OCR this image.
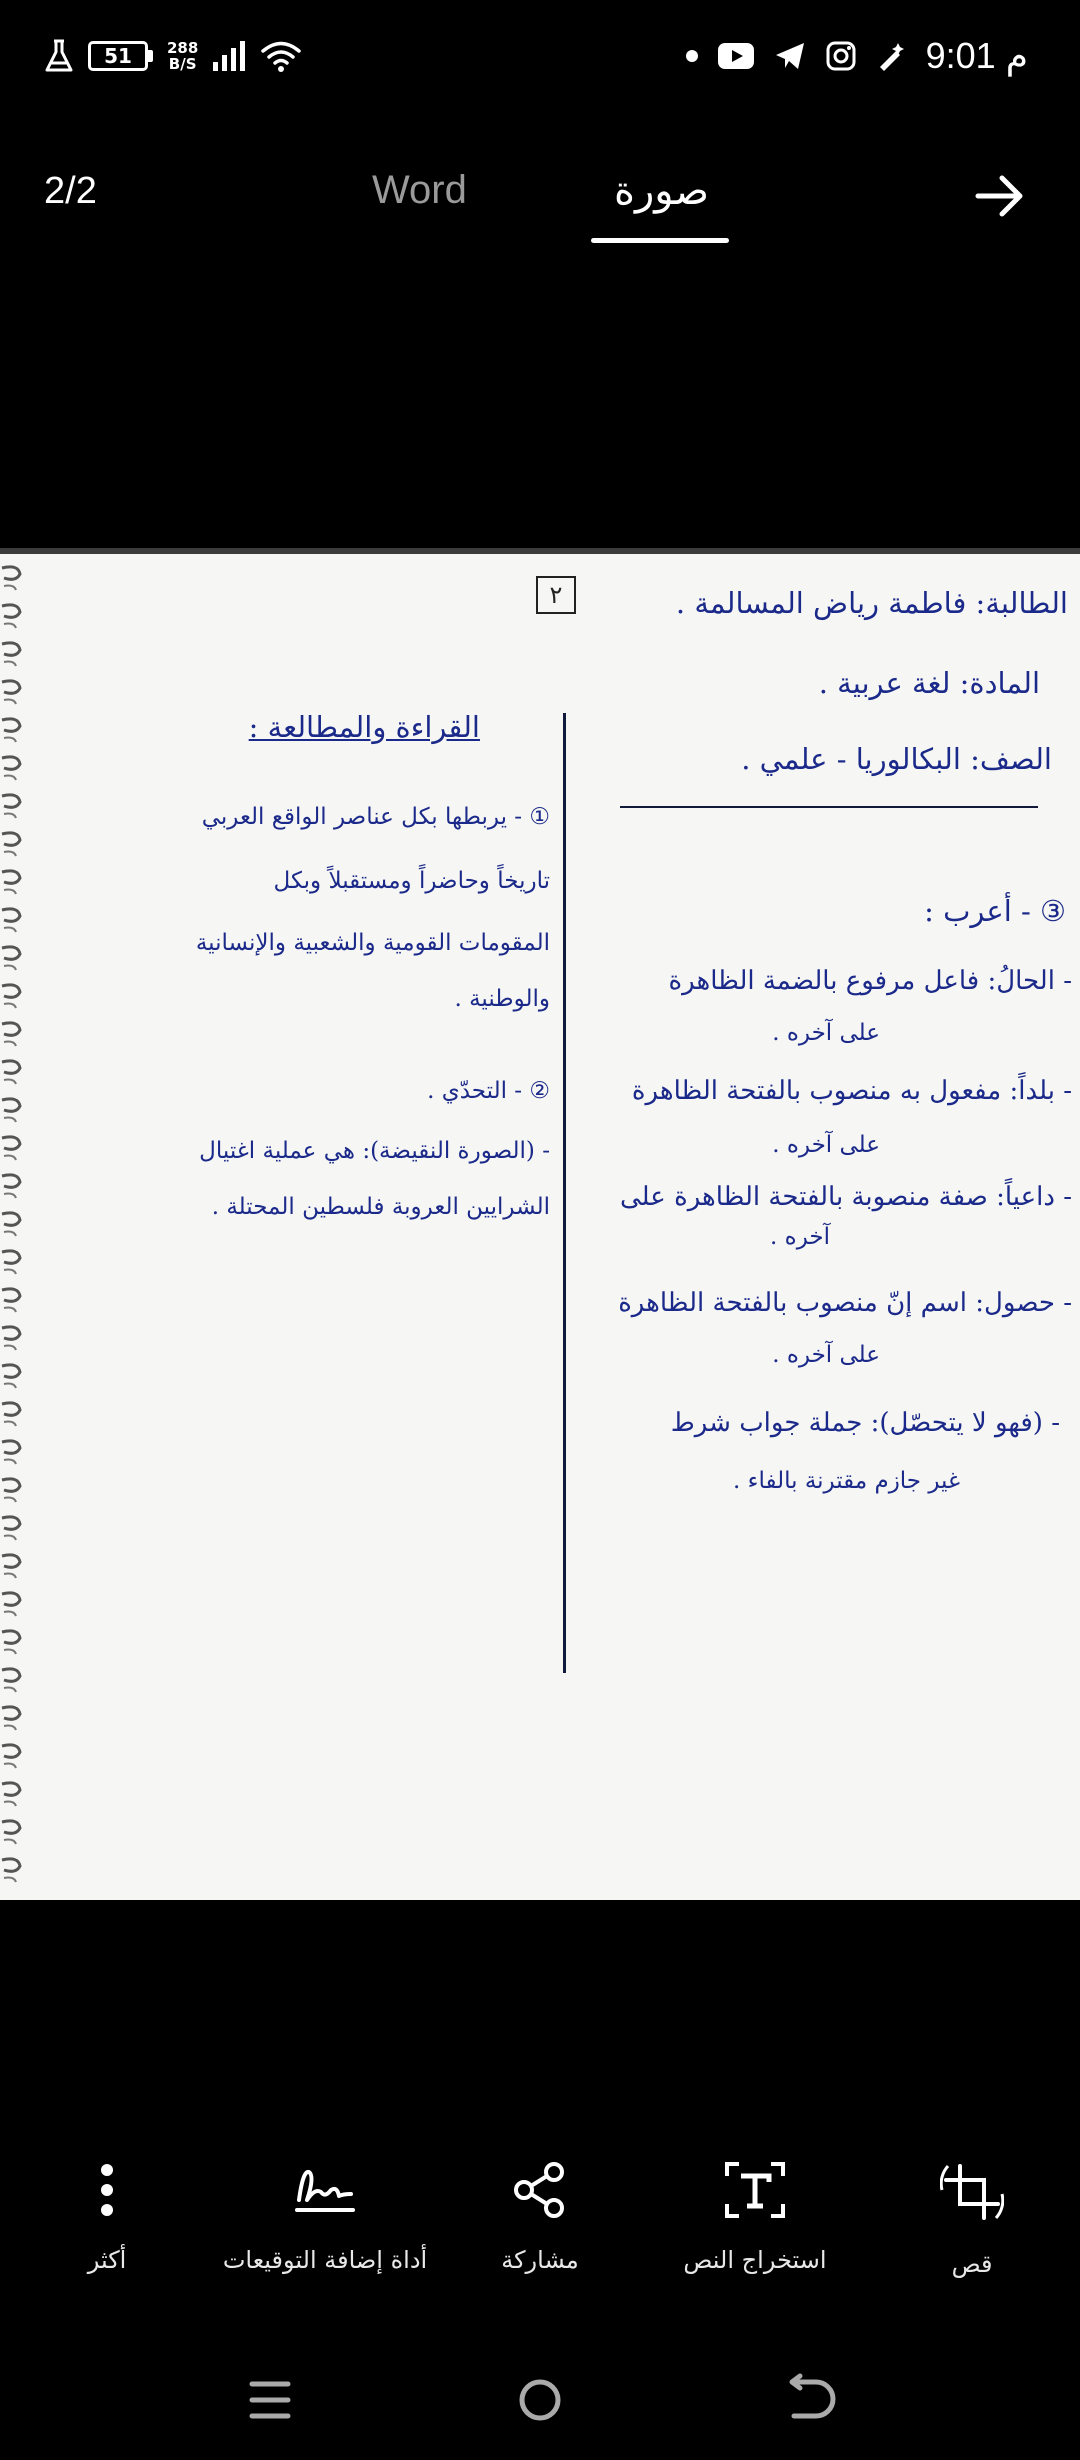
51 288
B/S	9:01 م
2/2	Word	صورة
٢	الطالبة: فاطمة رياض المسالمة .
المادة: لغة عربية .
الصف: البكالوريا - علمي .
③ - أعرب :
- الحالُ: فاعل مرفوع بالضمة الظاهرة
على آخره .
- بلداً: مفعول به منصوب بالفتحة الظاهرة
على آخره .
- داعياً: صفة منصوبة بالفتحة الظاهرة على
آخره .
- حصول: اسم إنّ منصوب بالفتحة الظاهرة
على آخره .
- (فهو لا يتحصّل): جملة جواب شرط
غير جازم مقترنة بالفاء .
القراءة والمطالعة :
① - يربطها بكل عناصر الواقع العربي
تاريخاً وحاضراً ومستقبلاً وبكل
المقومات القومية والشعبية والإنسانية
والوطنية .
② - التحدّي .
- (الصورة النقيضة): هي عملية اغتيال
الشرايين العروبة فلسطين المحتلة .
أكثر	أداة إضافة التوقيعات	مشاركة	استخراج النص	قص
